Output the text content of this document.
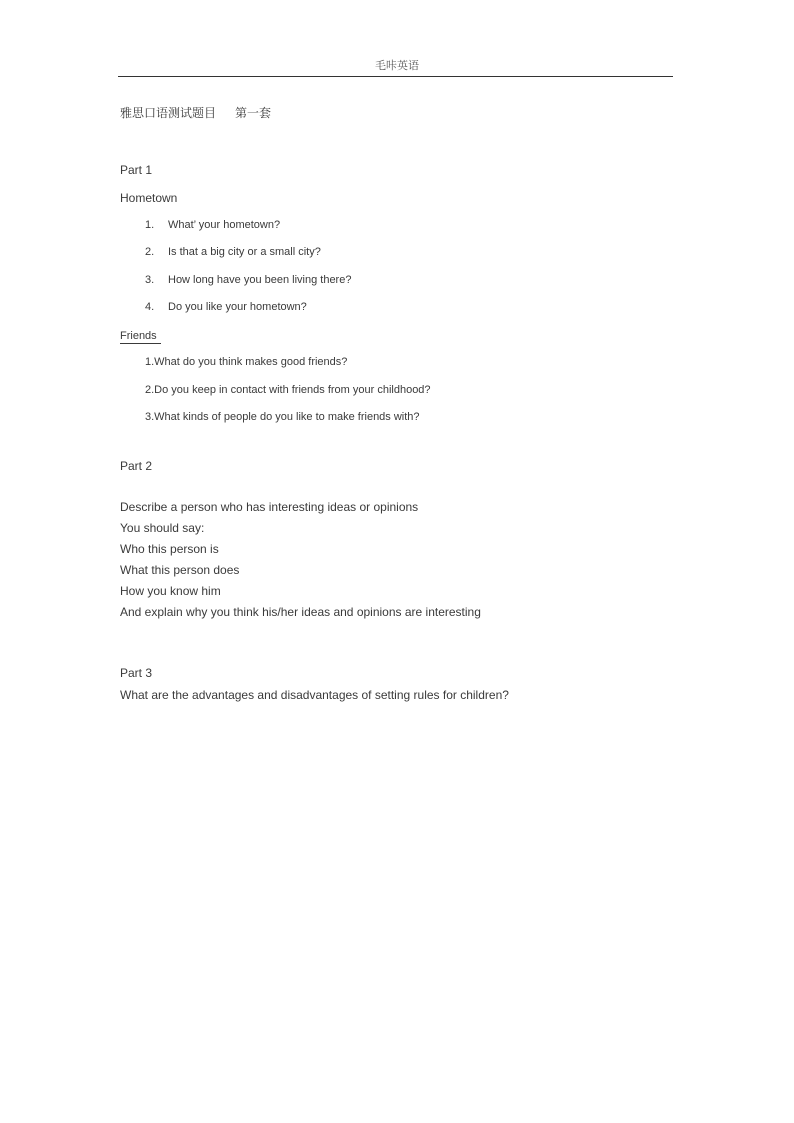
毛咔英语
雅思口语测试题目 第一套
Part 1
Hometown
1. What’ your hometown?
2. Is that a big city or a small city?
3. How long have you been living there?
4. Do you like your hometown?
Friends
1.What do you think makes good friends?
2.Do you keep in contact with friends from your childhood?
3.What kinds of people do you like to make friends with?
Part 2
Describe a person who has interesting ideas or opinions
You should say:
Who this person is
What this person does
How you know him
And explain why you think his/her ideas and opinions are interesting
Part 3
What are the advantages and disadvantages of setting rules for children?
